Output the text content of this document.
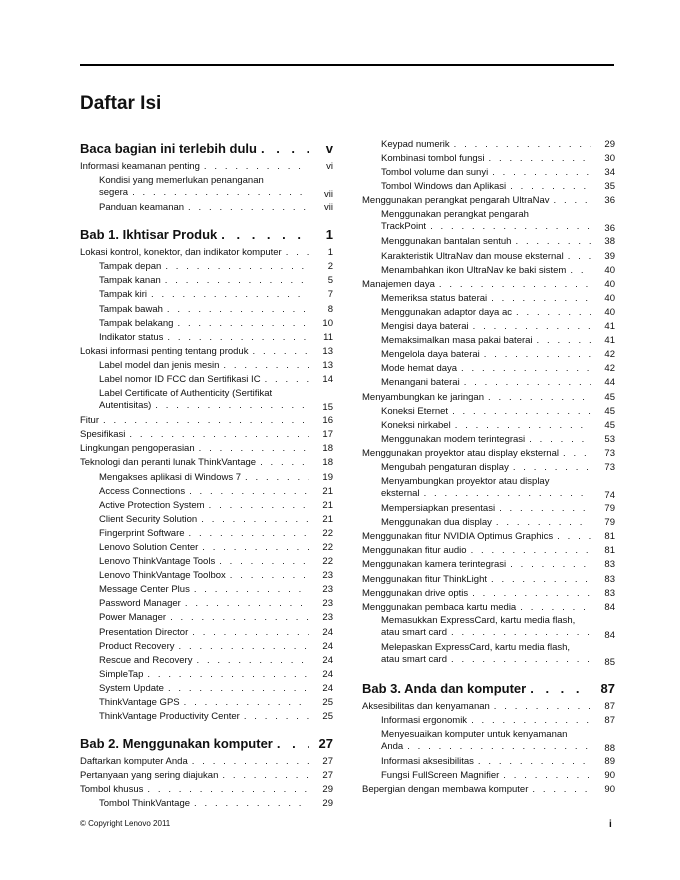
Daftar Isi
Baca bagian ini terlebih dulu . . .	v
Informasi keamanan penting . . .	vi
Kondisi yang memerlukan penanganan
segera . . .	vii
Panduan keamanan . . .	vii
Bab 1. Ikhtisar Produk . . .	1
Lokasi kontrol, konektor, dan indikator komputer . . .	1
Tampak depan . . .	2
Tampak kanan . . .	5
Tampak kiri . . .	7
Tampak bawah . . .	8
Tampak belakang . . .	10
Indikator status . . .	11
Lokasi informasi penting tentang produk . . .	13
Label model dan jenis mesin . . .	13
Label nomor ID FCC dan Sertifikasi IC . . .	14
Label Certificate of Authenticity (Sertifikat
Autentisitas) . . .	15
Fitur . . .	16
Spesifikasi . . .	17
Lingkungan pengoperasian . . .	18
Teknologi dan peranti lunak ThinkVantage . . .	18
Mengakses aplikasi di Windows 7 . . .	19
Access Connections . . .	21
Active Protection System . . .	21
Client Security Solution . . .	21
Fingerprint Software . . .	22
Lenovo Solution Center . . .	22
Lenovo ThinkVantage Tools . . .	22
Lenovo ThinkVantage Toolbox . . .	23
Message Center Plus . . .	23
Password Manager . . .	23
Power Manager . . .	23
Presentation Director . . .	24
Product Recovery . . .	24
Rescue and Recovery . . .	24
SimpleTap . . .	24
System Update . . .	24
ThinkVantage GPS . . .	25
ThinkVantage Productivity Center . . .	25
Bab 2. Menggunakan komputer . . .	27
Daftarkan komputer Anda . . .	27
Pertanyaan yang sering diajukan . . .	27
Tombol khusus . . .	29
Tombol ThinkVantage . . .	29
Keypad numerik . . .	29
Kombinasi tombol fungsi . . .	30
Tombol volume dan sunyi . . .	34
Tombol Windows dan Aplikasi . . .	35
Menggunakan perangkat pengarah UltraNav . . .	36
Menggunakan perangkat pengarah
TrackPoint . . .	36
Menggunakan bantalan sentuh . . .	38
Karakteristik UltraNav dan mouse eksternal . . .	39
Menambahkan ikon UltraNav ke baki sistem . . .	40
Manajemen daya . . .	40
Memeriksa status baterai . . .	40
Menggunakan adaptor daya ac . . .	40
Mengisi daya baterai . . .	41
Memaksimalkan masa pakai baterai . . .	41
Mengelola daya baterai . . .	42
Mode hemat daya . . .	42
Menangani baterai . . .	44
Menyambungkan ke jaringan . . .	45
Koneksi Eternet . . .	45
Koneksi nirkabel . . .	45
Menggunakan modem terintegrasi . . .	53
Menggunakan proyektor atau display eksternal . . .	73
Mengubah pengaturan display . . .	73
Menyambungkan proyektor atau display
eksternal . . .	74
Mempersiapkan presentasi . . .	79
Menggunakan dua display . . .	79
Menggunakan fitur NVIDIA Optimus Graphics . . .	81
Menggunakan fitur audio . . .	81
Menggunakan kamera terintegrasi . . .	83
Menggunakan fitur ThinkLight . . .	83
Menggunakan drive optis . . .	83
Menggunakan pembaca kartu media . . .	84
Memasukkan ExpressCard, kartu media flash,
atau smart card . . .	84
Melepaskan ExpressCard, kartu media flash,
atau smart card . . .	85
Bab 3. Anda dan komputer . . .	87
Aksesibilitas dan kenyamanan . . .	87
Informasi ergonomik . . .	87
Menyesuaikan komputer untuk kenyamanan
Anda . . .	88
Informasi aksesibilitas . . .	89
Fungsi FullScreen Magnifier . . .	90
Bepergian dengan membawa komputer . . .	90
© Copyright Lenovo 2011	i
